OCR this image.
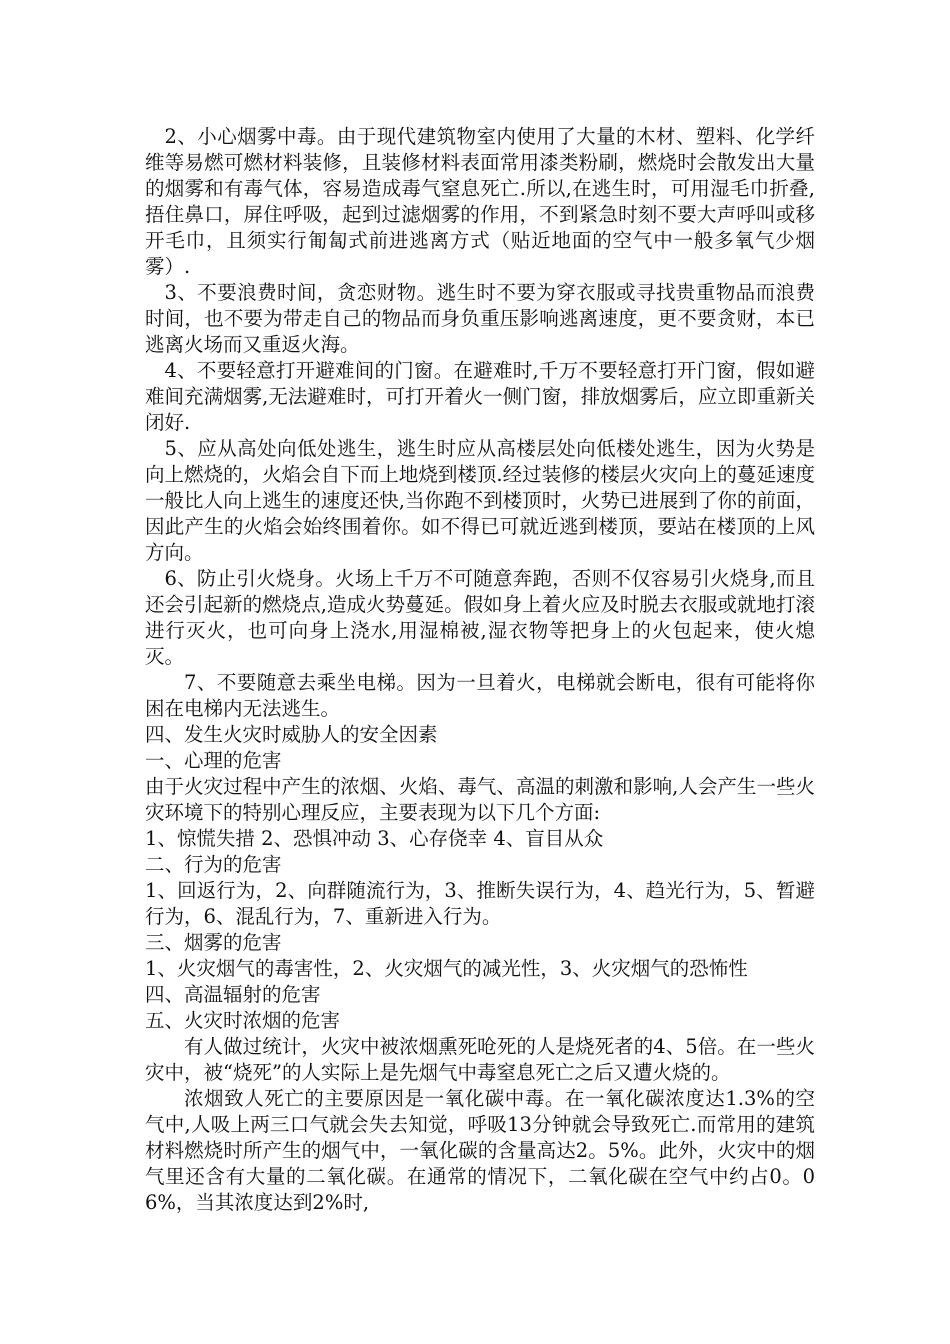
2、小心烟雾中毒。由于现代建筑物室内使用了大量的木材、塑料、化学纤维等易燃可燃材料装修，且装修材料表面常用漆类粉刷，燃烧时会散发出大量的烟雾和有毒气体，容易造成毒气窒息死亡.所以,在逃生时，可用湿毛巾折叠,捂住鼻口，屏住呼吸，起到过滤烟雾的作用，不到紧急时刻不要大声呼叫或移开毛巾，且须实行匍匐式前进逃离方式（贴近地面的空气中一般多氧气少烟雾）.

3、不要浪费时间，贪恋财物。逃生时不要为穿衣服或寻找贵重物品而浪费时间，也不要为带走自己的物品而身负重压影响逃离速度，更不要贪财，本已逃离火场而又重返火海。

4、不要轻意打开避难间的门窗。在避难时,千万不要轻意打开门窗，假如避难间充满烟雾,无法避难时，可打开着火一侧门窗，排放烟雾后，应立即重新关闭好.

5、应从高处向低处逃生，逃生时应从高楼层处向低楼处逃生，因为火势是向上燃烧的，火焰会自下而上地烧到楼顶.经过装修的楼层火灾向上的蔓延速度一般比人向上逃生的速度还快,当你跑不到楼顶时，火势已进展到了你的前面，因此产生的火焰会始终围着你。如不得已可就近逃到楼顶，要站在楼顶的上风方向。

6、防止引火烧身。火场上千万不可随意奔跑，否则不仅容易引火烧身,而且还会引起新的燃烧点,造成火势蔓延。假如身上着火应及时脱去衣服或就地打滚进行灭火，也可向身上浇水,用湿棉被,湿衣物等把身上的火包起来，使火熄灭。

7、不要随意去乘坐电梯。因为一旦着火，电梯就会断电，很有可能将你困在电梯内无法逃生。

四、发生火灾时威胁人的安全因素

一、心理的危害

由于火灾过程中产生的浓烟、火焰、毒气、高温的刺激和影响,人会产生一些火灾环境下的特别心理反应，主要表现为以下几个方面:

1、惊慌失措 2、恐惧冲动 3、心存侥幸 4、盲目从众

二、行为的危害

1、回返行为，2、向群随流行为，3、推断失误行为，4、趋光行为，5、暂避行为，6、混乱行为，7、重新进入行为。

三、烟雾的危害

1、火灾烟气的毒害性，2、火灾烟气的减光性，3、火灾烟气的恐怖性

四、高温辐射的危害

五、火灾时浓烟的危害

有人做过统计，火灾中被浓烟熏死呛死的人是烧死者的4、5倍。在一些火灾中，被“烧死”的人实际上是先烟气中毒窒息死亡之后又遭火烧的。

浓烟致人死亡的主要原因是一氧化碳中毒。在一氧化碳浓度达1.3%的空气中,人吸上两三口气就会失去知觉，呼吸13分钟就会导致死亡.而常用的建筑材料燃烧时所产生的烟气中，一氧化碳的含量高达2。5%。此外，火灾中的烟气里还含有大量的二氧化碳。在通常的情况下，二氧化碳在空气中约占0。06%，当其浓度达到2%时,
